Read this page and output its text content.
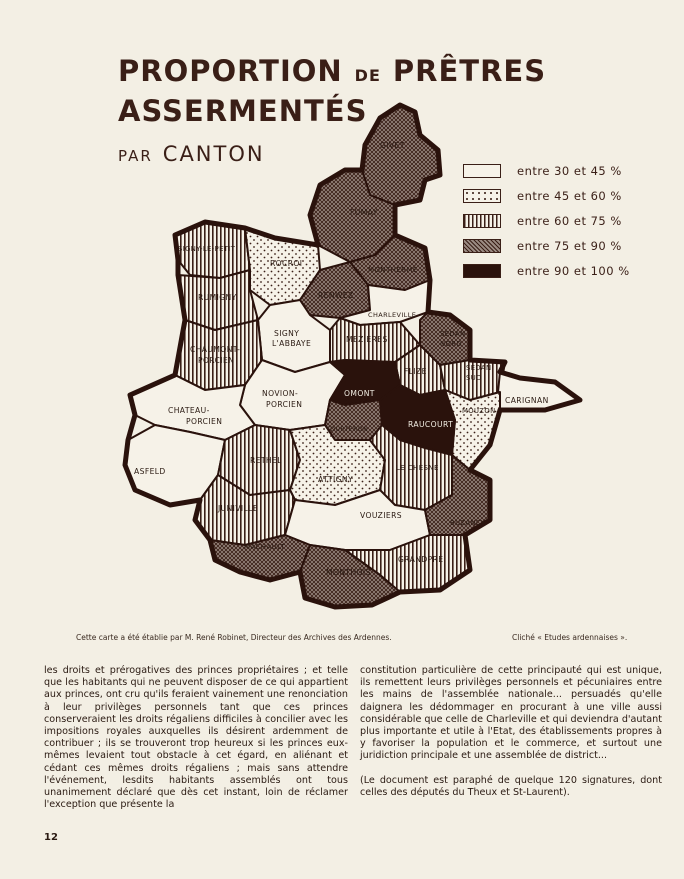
GIVET
FUMAY
SIGNY-LE-PETIT
ROCROI
MONTHERMÉ
RUMIGNY	RENWEZ
CHARLEVILLE
SIGNY
L'ABBAYE	MEZIERES
SEDAN
NORD
CHAUMONT-
PORCIEN
FLIZE	SEDAN
SUD
NOVION-
PORCIEN
OMONT
CARIGNAN
CHATEAU-
PORCIEN
MOUZON
TOURTERON
RAUCOURT
ASFELD
RETHEL
LE CHESNE
ATTIGNY
JUNIVILLE
VOUZIERS
BUZANCY
MACHAULT
GRANDPRÉ
MONTHOIS
PROPORTION DE PRÊTRES
ASSERMENTÉS
PAR CANTON
entre 30 et 45 %
entre 45 et 60 %
entre 60 et 75 %
entre 75 et 90 %
entre 90 et 100 %
Cette carte a été établie par M. René Robinet, Directeur des Archives des Ardennes.	Cliché « Etudes ardennaises ».

les droits et prérogatives des princes propriétaires ; et telle que les habitants qui ne peuvent disposer de ce qui appartient aux princes, ont cru qu'ils feraient vainement une renonciation à leur privilèges personnels tant que ces princes conserveraient les droits régaliens difficiles à concilier avec les impositions royales auxquelles ils désirent ardemment de contribuer ; ils se trouveront trop heureux si les princes eux-mêmes levaient tout obstacle à cet égard, en aliénant et cédant ces mêmes droits régaliens ; mais sans attendre l'événement, lesdits habitants assemblés ont tous unanimement déclaré que dès cet instant, loin de réclamer l'exception que présente la

constitution particulière de cette principauté qui est unique, ils remettent leurs privilèges personnels et pécuniaires entre les mains de l'assemblée nationale... persuadés qu'elle daignera les dédommager en procurant à une ville aussi considérable que celle de Charleville et qui deviendra d'autant plus importante et utile à l'Etat, des établissements propres à y favoriser la population et le commerce, et surtout une juridiction principale et une assemblée de district...

(Le document est paraphé de quelque 120 signatures, dont celles des députés du Theux et St-Laurent).

12
